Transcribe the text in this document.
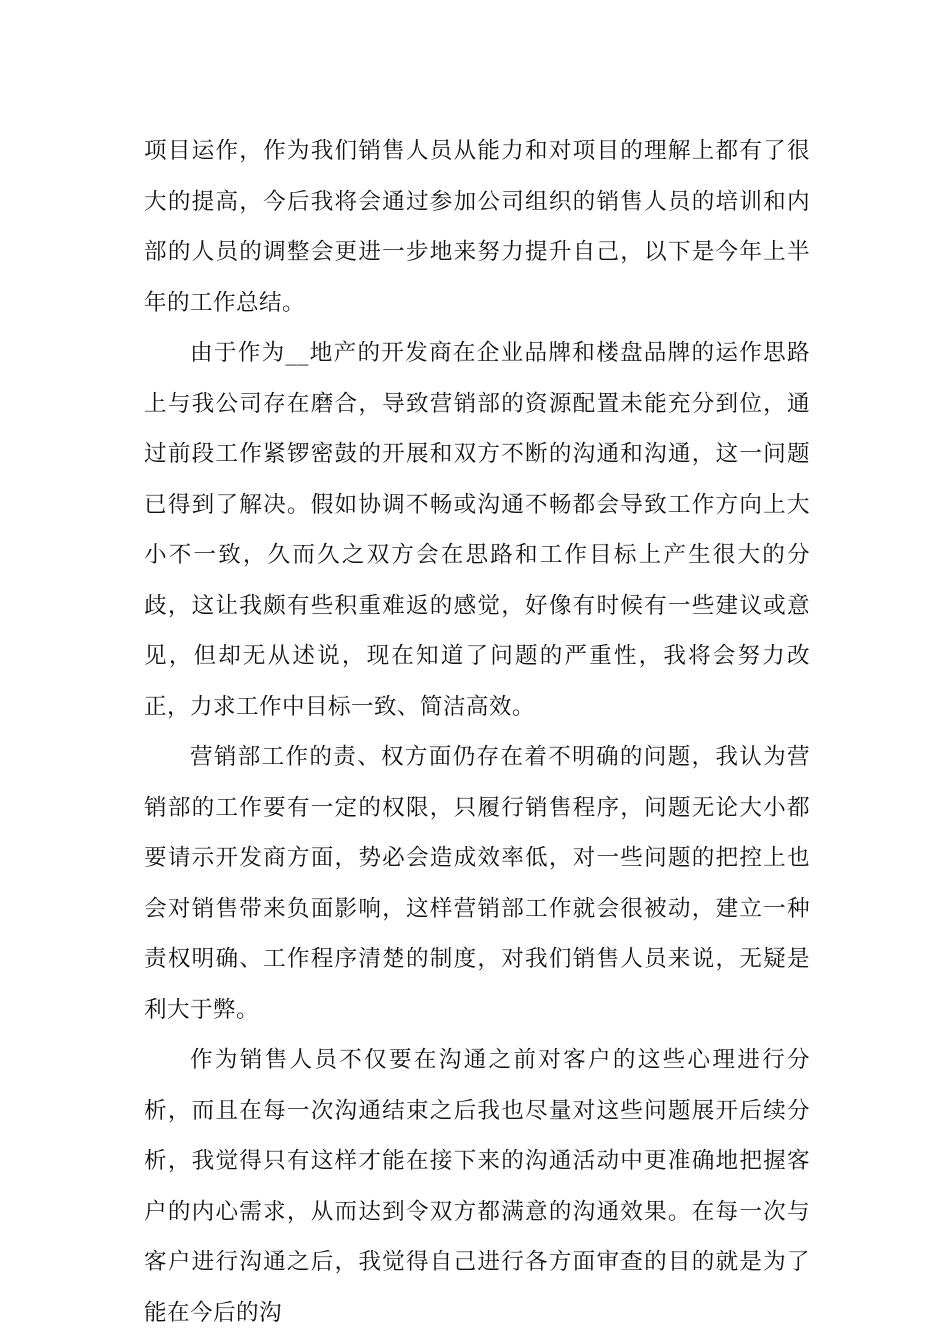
项目运作，作为我们销售人员从能力和对项目的理解上都有了很大的提高，今后我将会通过参加公司组织的销售人员的培训和内部的人员的调整会更进一步地来努力提升自己，以下是今年上半年的工作总结。

由于作为__地产的开发商在企业品牌和楼盘品牌的运作思路上与我公司存在磨合，导致营销部的资源配置未能充分到位，通过前段工作紧锣密鼓的开展和双方不断的沟通和沟通，这一问题已得到了解决。假如协调不畅或沟通不畅都会导致工作方向上大小不一致，久而久之双方会在思路和工作目标上产生很大的分歧，这让我颇有些积重难返的感觉，好像有时候有一些建议或意见，但却无从述说，现在知道了问题的严重性，我将会努力改正，力求工作中目标一致、简洁高效。

营销部工作的责、权方面仍存在着不明确的问题，我认为营销部的工作要有一定的权限，只履行销售程序，问题无论大小都要请示开发商方面，势必会造成效率低，对一些问题的把控上也会对销售带来负面影响，这样营销部工作就会很被动，建立一种责权明确、工作程序清楚的制度，对我们销售人员来说，无疑是利大于弊。

作为销售人员不仅要在沟通之前对客户的这些心理进行分析，而且在每一次沟通结束之后我也尽量对这些问题展开后续分析，我觉得只有这样才能在接下来的沟通活动中更准确地把握客户的内心需求，从而达到令双方都满意的沟通效果。在每一次与客户进行沟通之后，我觉得自己进行各方面审查的目的就是为了能在今后的沟
